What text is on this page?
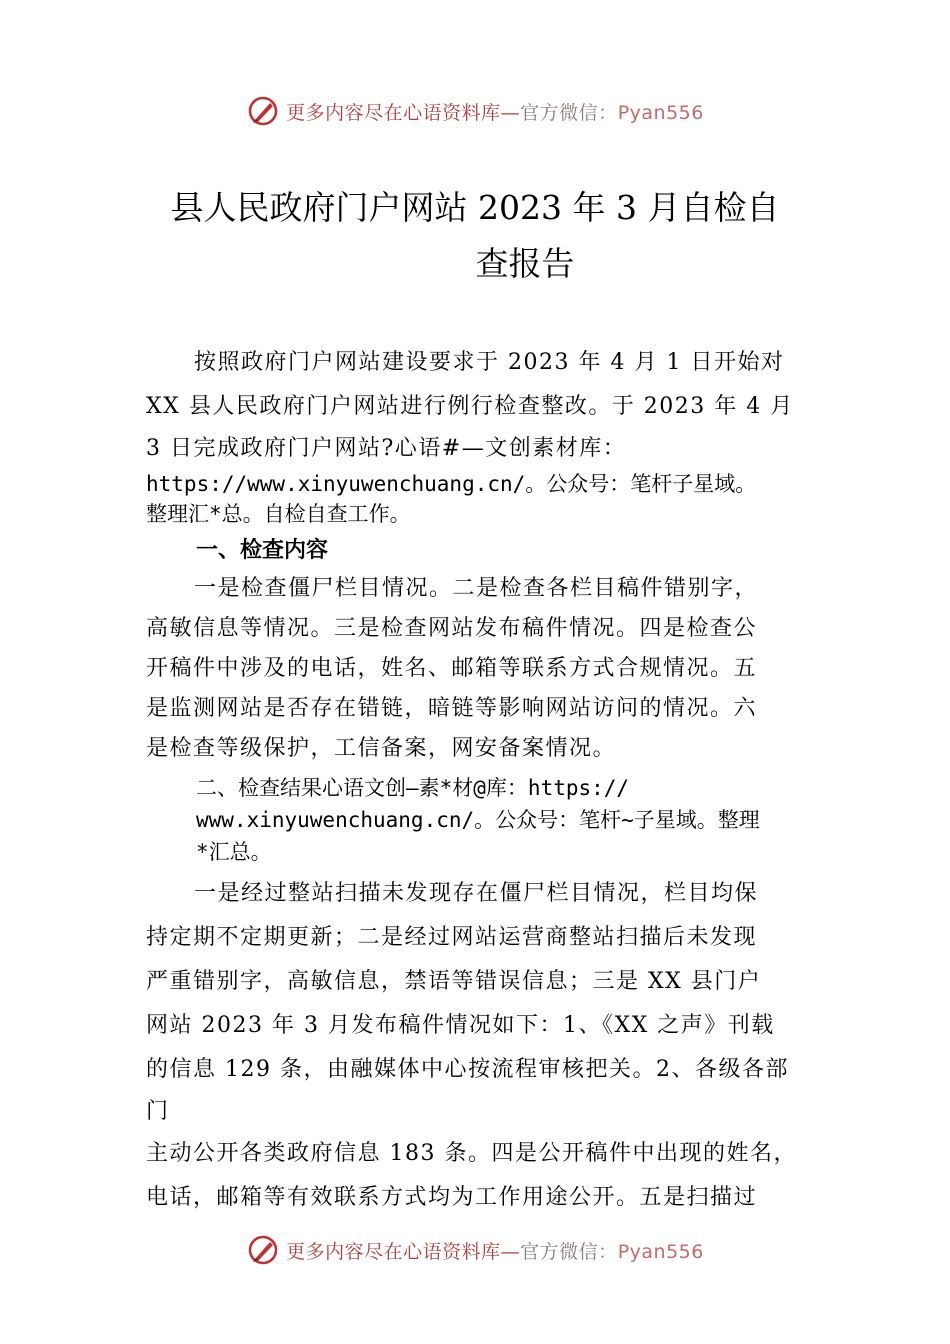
更多内容尽在心语资料库—官方微信：Pyan556
县人民政府门户网站 2023 年 3 月自检自
查报告
按照政府门户网站建设要求于 2023 年 4 月 1 日开始对
XX 县人民政府门户网站进行例行检查整改。于 2023 年 4 月
3 日完成政府门户网站?心语#—文创素材库：
https://www.xinyuwenchuang.cn/。公众号：笔杆子星域。
整理汇*总。自检自查工作。
一、检查内容
一是检查僵尸栏目情况。二是检查各栏目稿件错别字，
高敏信息等情况。三是检查网站发布稿件情况。四是检查公
开稿件中涉及的电话，姓名、邮箱等联系方式合规情况。五
是监测网站是否存在错链，暗链等影响网站访问的情况。六
是检查等级保护，工信备案，网安备案情况。
二、检查结果心语文创—素*材@库：https://
www.xinyuwenchuang.cn/。公众号：笔杆~子星域。整理
*汇总。
一是经过整站扫描未发现存在僵尸栏目情况，栏目均保
持定期不定期更新；二是经过网站运营商整站扫描后未发现
严重错别字，高敏信息，禁语等错误信息；三是 XX 县门户
网站 2023 年 3 月发布稿件情况如下：1、《XX 之声》刊载
的信息 129 条，由融媒体中心按流程审核把关。2、各级各部
门
主动公开各类政府信息 183 条。四是公开稿件中出现的姓名，
电话，邮箱等有效联系方式均为工作用途公开。五是扫描过
更多内容尽在心语资料库—官方微信：Pyan556
